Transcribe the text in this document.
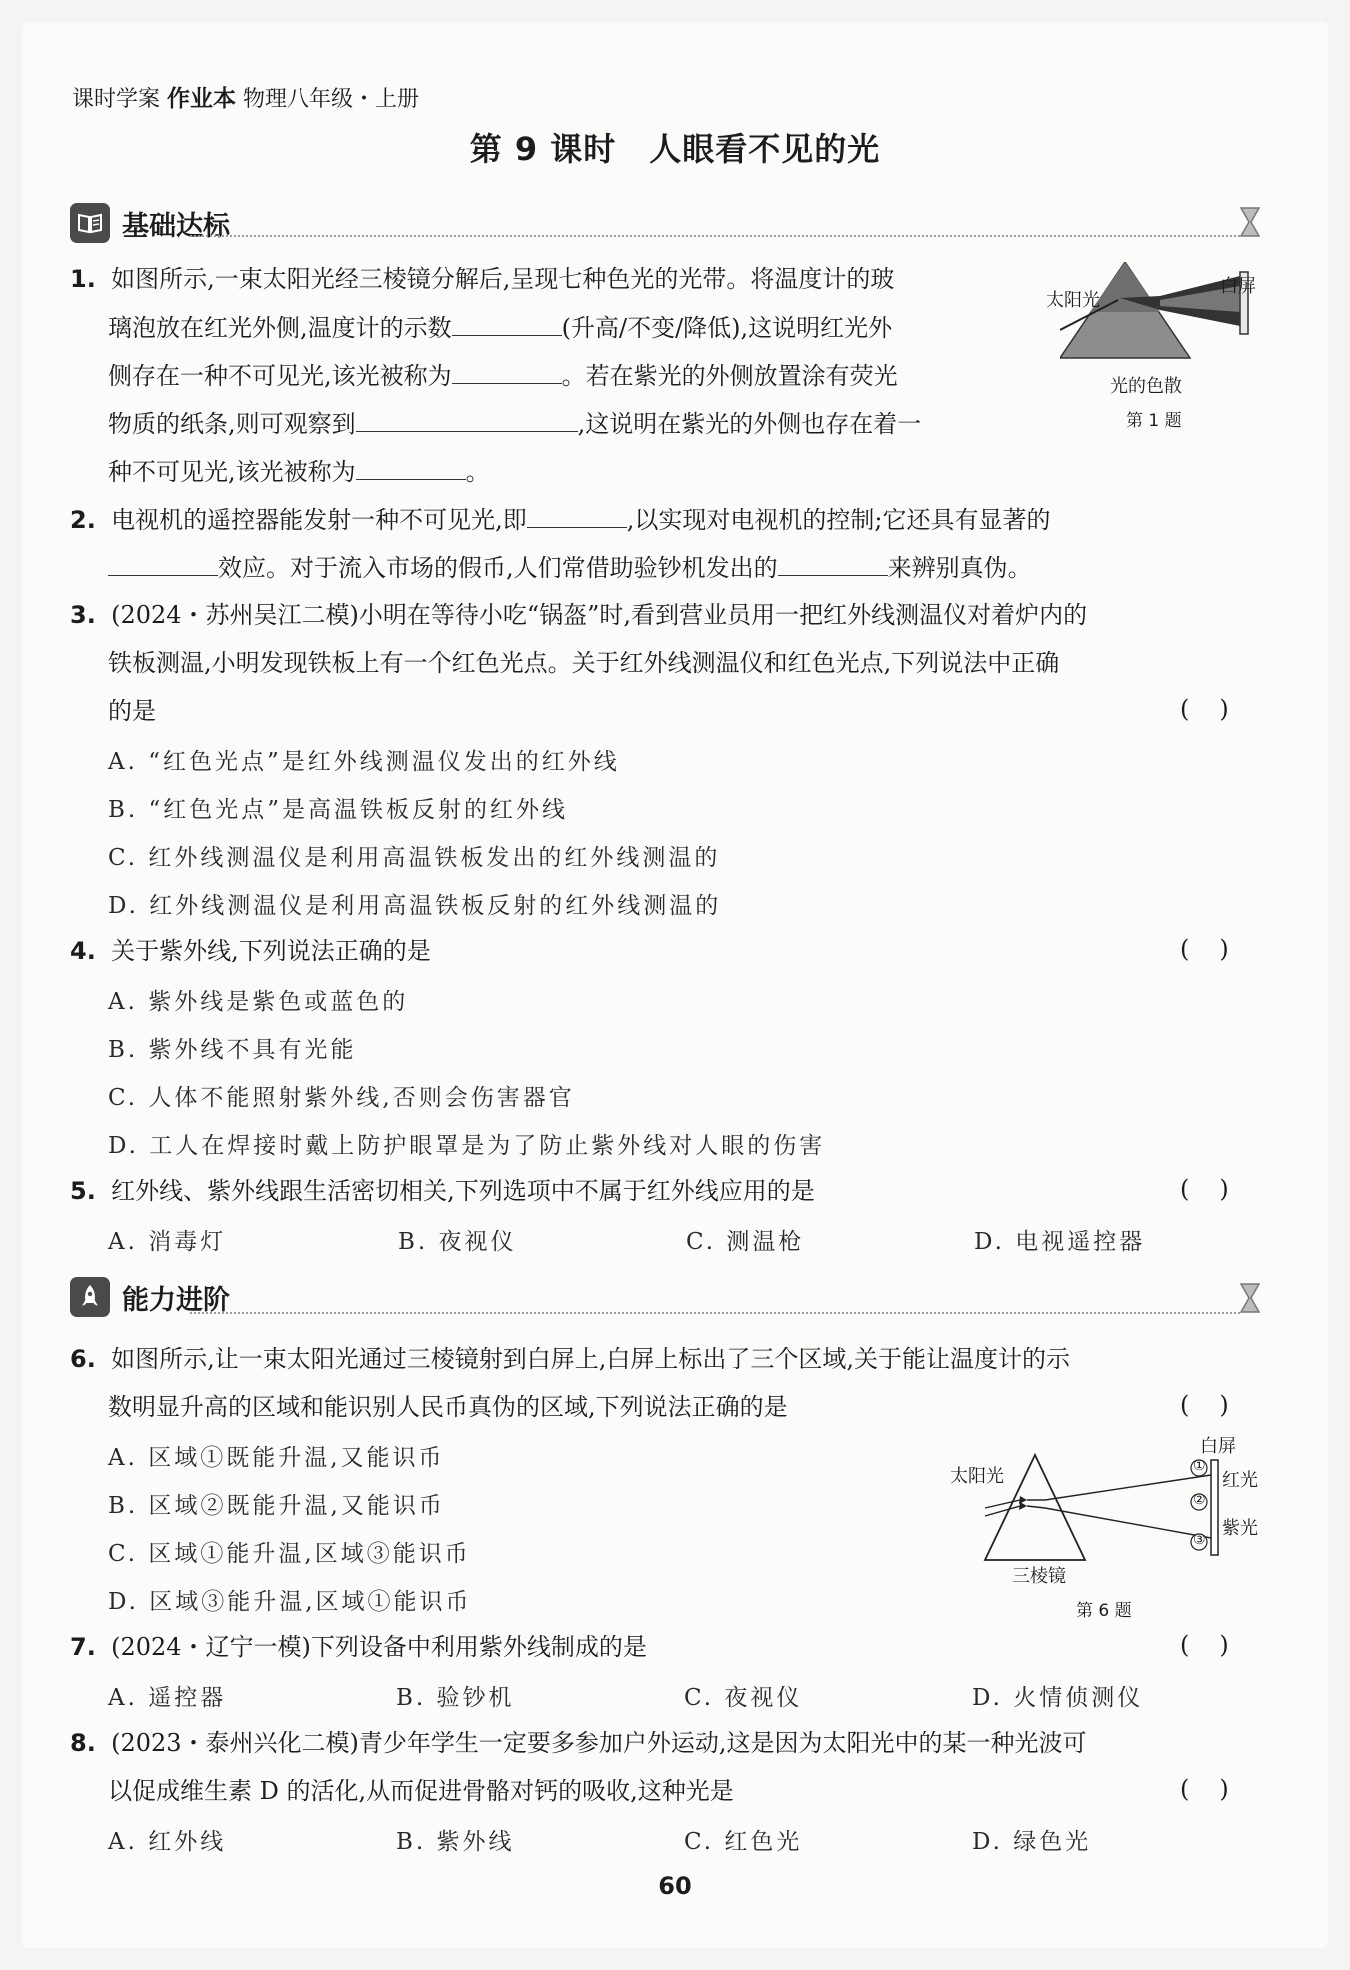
课时学案 作业本 物理八年级・上册
第 9 课时　人眼看不见的光
基础达标
1. 如图所示,一束太阳光经三棱镜分解后,呈现七种色光的光带。将温度计的玻
璃泡放在红光外侧,温度计的示数	(升高/不变/降低),这说明红光外
侧存在一种不可见光,该光被称为	。若在紫光的外侧放置涂有荧光
物质的纸条,则可观察到	,这说明在紫光的外侧也存在着一
种不可见光,该光被称为	。
太阳光
白屏
光的色散
第 1 题
2. 电视机的遥控器能发射一种不可见光,即	,以实现对电视机的控制;它还具有显著的
效应。对于流入市场的假币,人们常借助验钞机发出的	来辨别真伪。
3. (2024・苏州吴江二模)小明在等待小吃“锅盔”时,看到营业员用一把红外线测温仪对着炉内的
铁板测温,小明发现铁板上有一个红色光点。关于红外线测温仪和红色光点,下列说法中正确
的是	()
A. “红色光点”是红外线测温仪发出的红外线
B. “红色光点”是高温铁板反射的红外线
C. 红外线测温仪是利用高温铁板发出的红外线测温的
D. 红外线测温仪是利用高温铁板反射的红外线测温的
4. 关于紫外线,下列说法正确的是	()
A. 紫外线是紫色或蓝色的
B. 紫外线不具有光能
C. 人体不能照射紫外线,否则会伤害器官
D. 工人在焊接时戴上防护眼罩是为了防止紫外线对人眼的伤害
5. 红外线、紫外线跟生活密切相关,下列选项中不属于红外线应用的是	()
A. 消毒灯	B. 夜视仪	C. 测温枪	D. 电视遥控器
能力进阶
6. 如图所示,让一束太阳光通过三棱镜射到白屏上,白屏上标出了三个区域,关于能让温度计的示
数明显升高的区域和能识别人民币真伪的区域,下列说法正确的是	()
A. 区域①既能升温,又能识币
B. 区域②既能升温,又能识币
C. 区域①能升温,区域③能识币
D. 区域③能升温,区域①能识币
太阳光
白屏
红光
紫光
①
②
③
三棱镜
第 6 题
7. (2024・辽宁一模)下列设备中利用紫外线制成的是	()
A. 遥控器	B. 验钞机	C. 夜视仪	D. 火情侦测仪
8. (2023・泰州兴化二模)青少年学生一定要多参加户外运动,这是因为太阳光中的某一种光波可
以促成维生素 D 的活化,从而促进骨骼对钙的吸收,这种光是	()
A. 红外线	B. 紫外线	C. 红色光	D. 绿色光
60
